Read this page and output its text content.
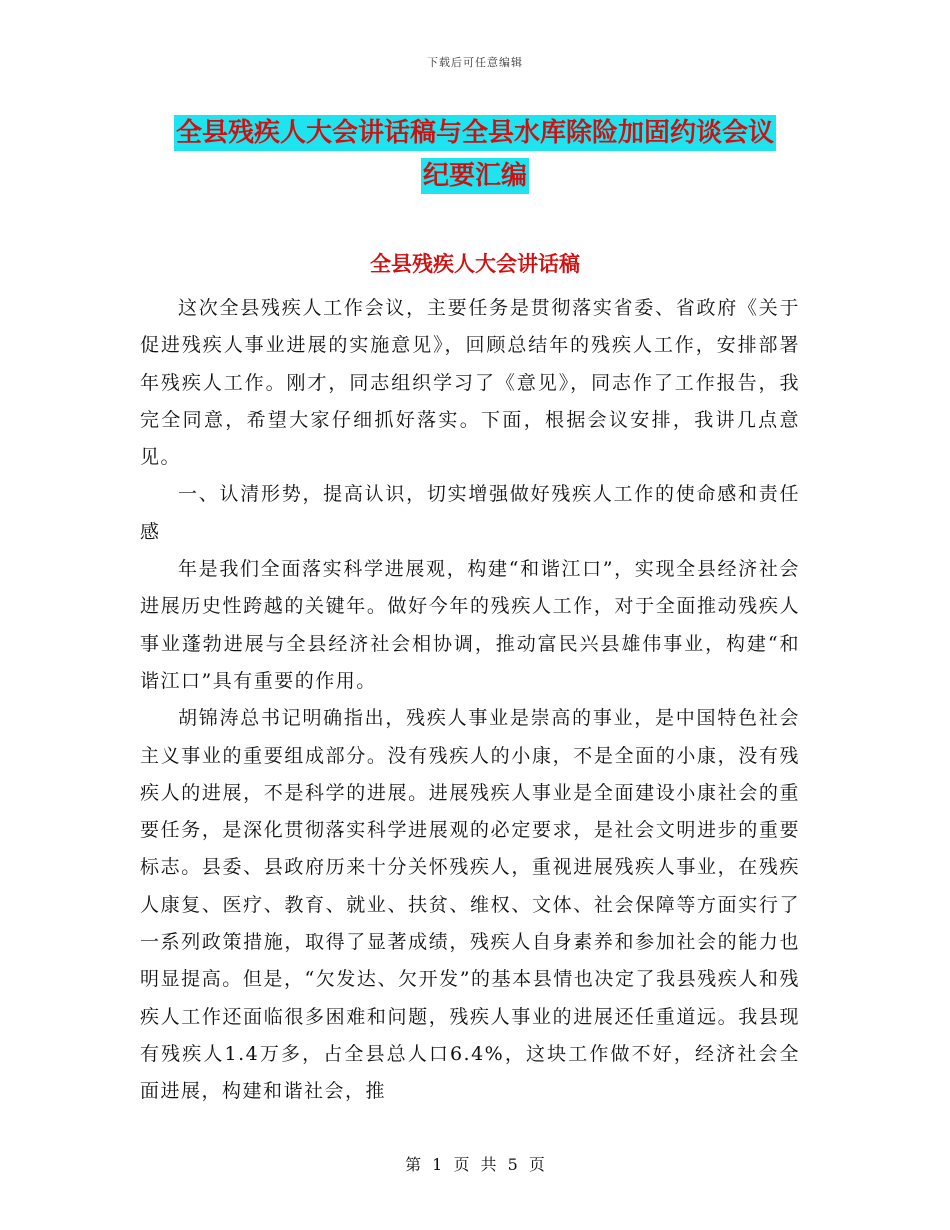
下载后可任意编辑
全县残疾人大会讲话稿与全县水库除险加固约谈会议
纪要汇编
全县残疾人大会讲话稿

这次全县残疾人工作会议，主要任务是贯彻落实省委、省政府《关于促进残疾人事业进展的实施意见》，回顾总结年的残疾人工作，安排部署年残疾人工作。刚才，同志组织学习了《意见》，同志作了工作报告，我完全同意，希望大家仔细抓好落实。下面，根据会议安排，我讲几点意见。

一、认清形势，提高认识，切实增强做好残疾人工作的使命感和责任感

年是我们全面落实科学进展观，构建“和谐江口”，实现全县经济社会进展历史性跨越的关键年。做好今年的残疾人工作，对于全面推动残疾人事业蓬勃进展与全县经济社会相协调，推动富民兴县雄伟事业，构建“和谐江口”具有重要的作用。

胡锦涛总书记明确指出，残疾人事业是崇高的事业，是中国特色社会主义事业的重要组成部分。没有残疾人的小康，不是全面的小康，没有残疾人的进展，不是科学的进展。进展残疾人事业是全面建设小康社会的重要任务，是深化贯彻落实科学进展观的必定要求，是社会文明进步的重要标志。县委、县政府历来十分关怀残疾人，重视进展残疾人事业，在残疾人康复、医疗、教育、就业、扶贫、维权、文体、社会保障等方面实行了一系列政策措施，取得了显著成绩，残疾人自身素养和参加社会的能力也明显提高。但是，“欠发达、欠开发”的基本县情也决定了我县残疾人和残疾人工作还面临很多困难和问题，残疾人事业的进展还任重道远。我县现有残疾人1.4万多，占全县总人口6.4%，这块工作做不好，经济社会全面进展，构建和谐社会，推

第 1 页 共 5 页
